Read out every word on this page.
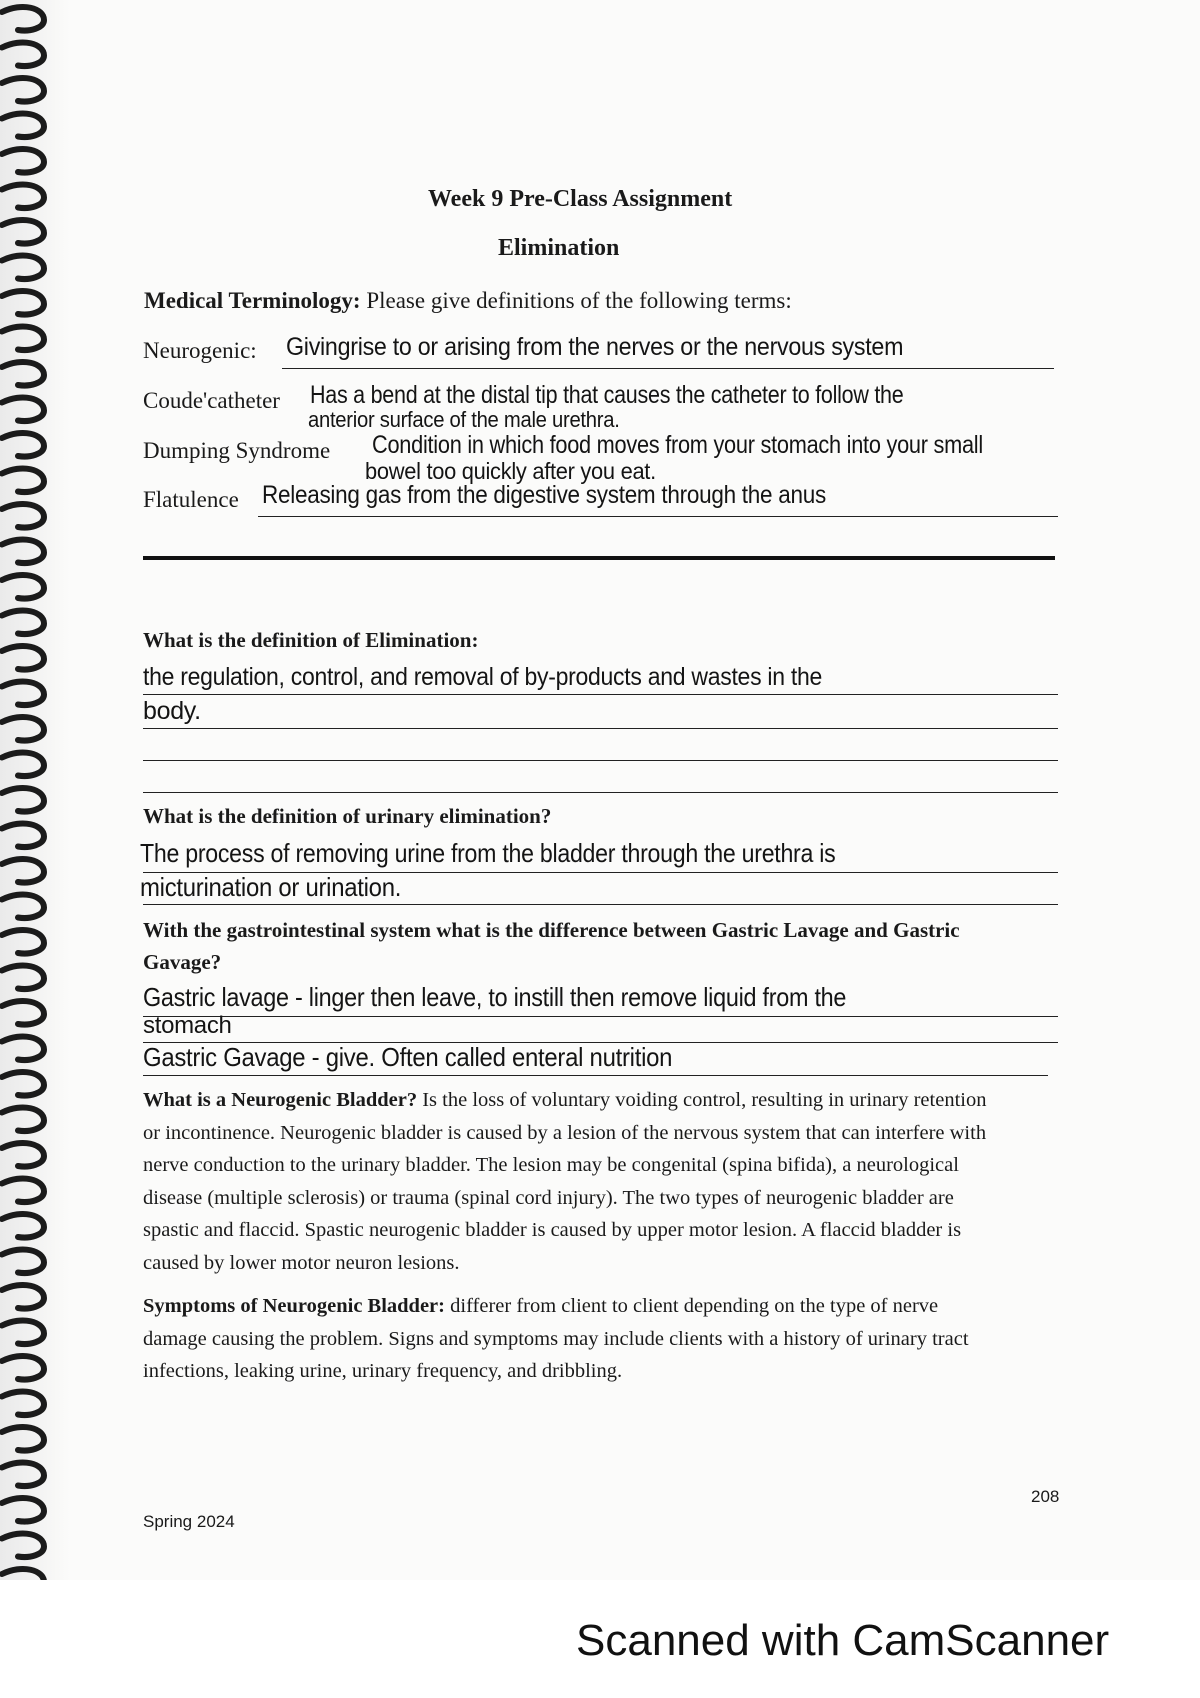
Week 9 Pre-Class Assignment
Elimination
Medical Terminology: Please give definitions of the following terms:
Neurogenic: Givingrise to or arising from the nerves or the nervous system
Coude'catheter Has a bend at the distal tip that causes the catheter to follow the
anterior surface of the male urethra.
Dumping Syndrome Condition in which food moves from your stomach into your small
bowel too quickly after you eat.
Flatulence Releasing gas from the digestive system through the anus
What is the definition of Elimination:
the regulation, control, and removal of by-products and wastes in the
body.
What is the definition of urinary elimination?
The process of removing urine from the bladder through the urethra is
micturination or urination.
With the gastrointestinal system what is the difference between Gastric Lavage and Gastric
Gavage?
Gastric lavage - linger then leave, to instill then remove liquid from the
stomach
Gastric Gavage - give. Often called enteral nutrition
What is a Neurogenic Bladder? Is the loss of voluntary voiding control, resulting in urinary retention or incontinence. Neurogenic bladder is caused by a lesion of the nervous system that can interfere with nerve conduction to the urinary bladder. The lesion may be congenital (spina bifida), a neurological disease (multiple sclerosis) or trauma (spinal cord injury). The two types of neurogenic bladder are spastic and flaccid. Spastic neurogenic bladder is caused by upper motor lesion. A flaccid bladder is caused by lower motor neuron lesions.
Symptoms of Neurogenic Bladder: differer from client to client depending on the type of nerve damage causing the problem. Signs and symptoms may include clients with a history of urinary tract infections, leaking urine, urinary frequency, and dribbling.
208
Spring 2024
Scanned with CamScanner
